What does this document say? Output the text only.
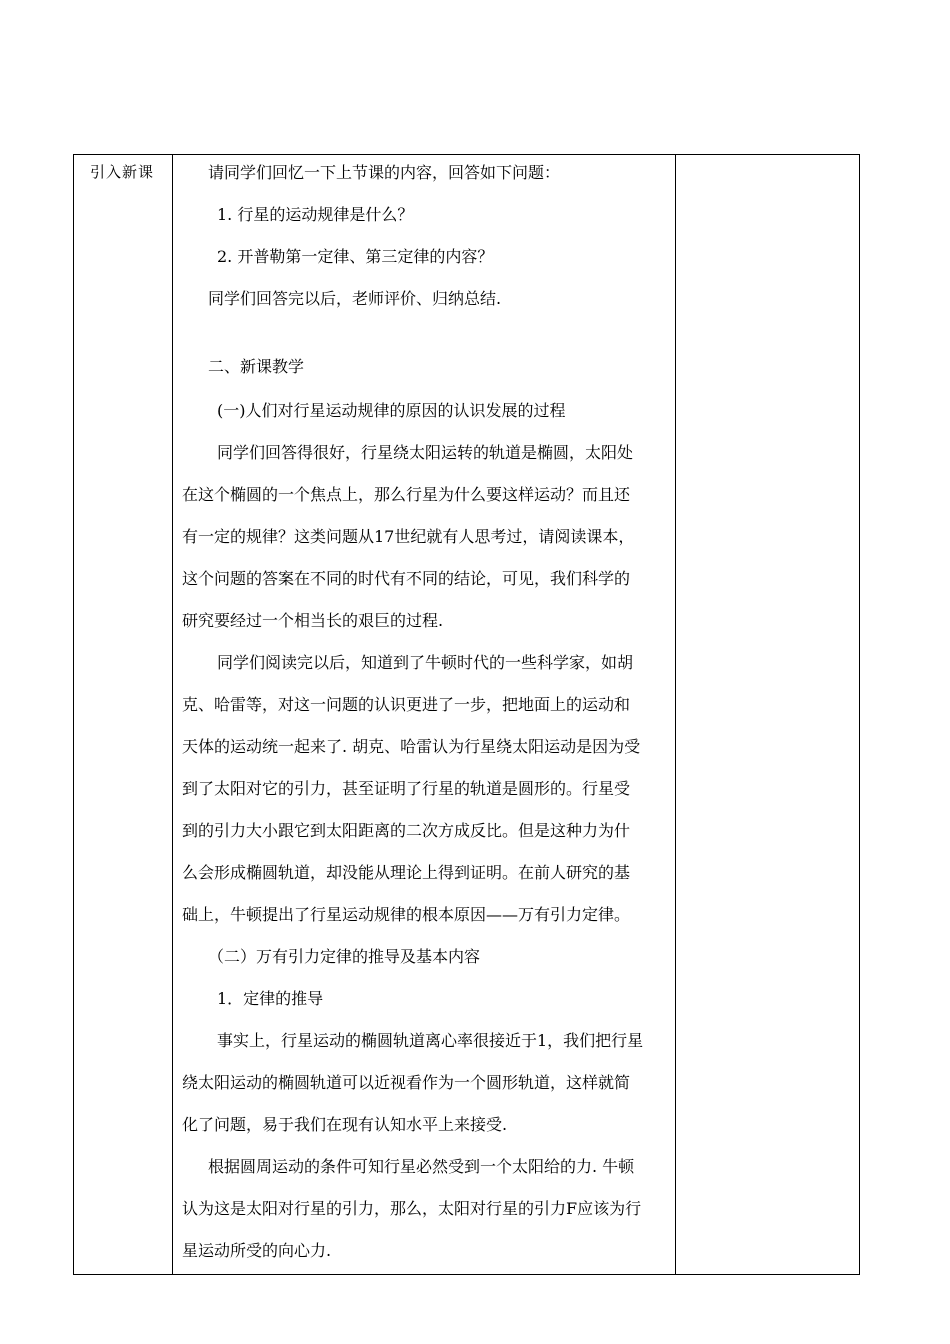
引入新课	请同学们回忆一下上节课的内容，回答如下问题：
1. 行星的运动规律是什么？
2. 开普勒第一定律、第三定律的内容？
同学们回答完以后，老师评价、归纳总结.
二、新课教学
(一)人们对行星运动规律的原因的认识发展的过程
同学们回答得很好，行星绕太阳运转的轨道是椭圆，太阳处
在这个椭圆的一个焦点上，那么行星为什么要这样运动？而且还
有一定的规律？这类问题从17世纪就有人思考过，请阅读课本，
这个问题的答案在不同的时代有不同的结论，可见，我们科学的
研究要经过一个相当长的艰巨的过程.
同学们阅读完以后，知道到了牛顿时代的一些科学家，如胡
克、哈雷等，对这一问题的认识更进了一步，把地面上的运动和
天体的运动统一起来了. 胡克、哈雷认为行星绕太阳运动是因为受
到了太阳对它的引力，甚至证明了行星的轨道是圆形的。行星受
到的引力大小跟它到太阳距离的二次方成反比。但是这种力为什
么会形成椭圆轨道，却没能从理论上得到证明。在前人研究的基
础上，牛顿提出了行星运动规律的根本原因——万有引力定律。
（二）万有引力定律的推导及基本内容
1．定律的推导
事实上，行星运动的椭圆轨道离心率很接近于1，我们把行星
绕太阳运动的椭圆轨道可以近视看作为一个圆形轨道，这样就简
化了问题，易于我们在现有认知水平上来接受.
根据圆周运动的条件可知行星必然受到一个太阳给的力. 牛顿
认为这是太阳对行星的引力，那么，太阳对行星的引力F应该为行
星运动所受的向心力.
